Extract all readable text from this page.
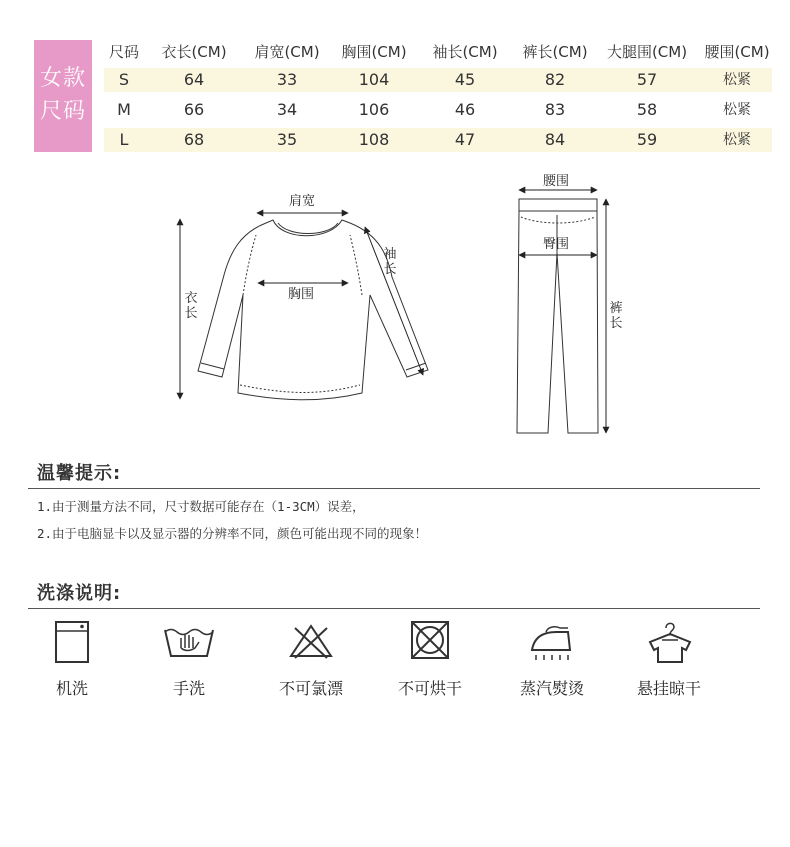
女款
尺码
尺码 衣长(CM) 肩宽(CM) 胸围(CM) 袖长(CM) 裤长(CM) 大腿围(CM) 腰围(CM)
S	64	33	104	45	82	57	松紧
M	66	34	106	46	83	58	松紧
L	68	35	108	47	84	59	松紧
肩宽
胸围
衣长
袖长
腰围
臀围
裤长
温馨提示:
1.由于测量方法不同，尺寸数据可能存在（1-3CM）误差，
2.由于电脑显卡以及显示器的分辨率不同，颜色可能出现不同的现象！
洗涤说明:
机洗	手洗	不可氯漂	不可烘干	蒸汽熨烫	悬挂晾干
